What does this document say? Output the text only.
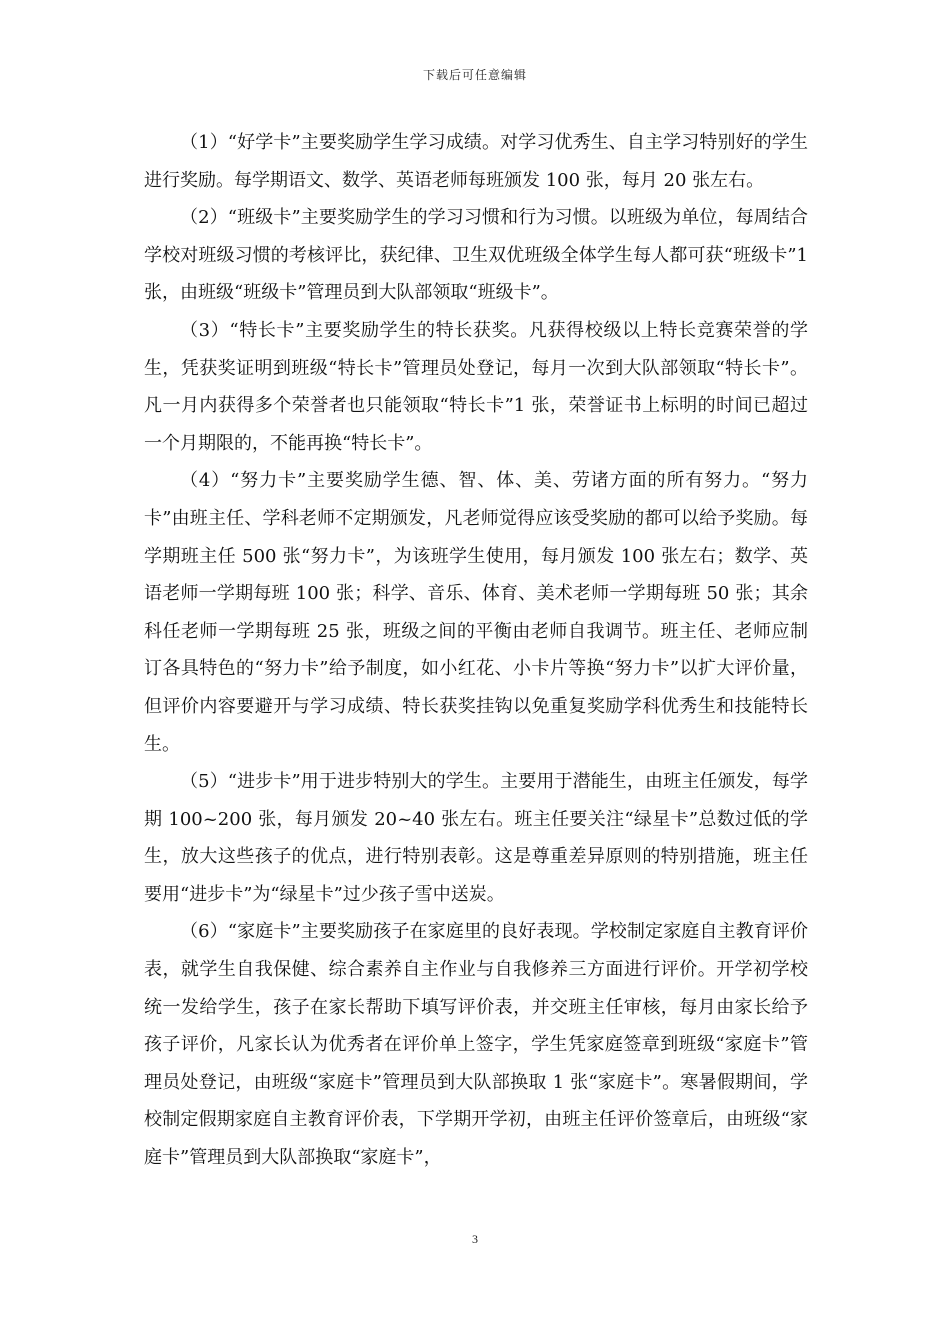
下载后可任意编辑

（1）“好学卡”主要奖励学生学习成绩。对学习优秀生、自主学习特别好的学生进行奖励。每学期语文、数学、英语老师每班颁发 100 张，每月 20 张左右。

（2）“班级卡”主要奖励学生的学习习惯和行为习惯。以班级为单位，每周结合学校对班级习惯的考核评比，获纪律、卫生双优班级全体学生每人都可获“班级卡”1 张，由班级“班级卡”管理员到大队部领取“班级卡”。

（3）“特长卡”主要奖励学生的特长获奖。凡获得校级以上特长竞赛荣誉的学生，凭获奖证明到班级“特长卡”管理员处登记，每月一次到大队部领取“特长卡”。凡一月内获得多个荣誉者也只能领取“特长卡”1 张，荣誉证书上标明的时间已超过一个月期限的，不能再换“特长卡”。

（4）“努力卡”主要奖励学生德、智、体、美、劳诸方面的所有努力。“努力卡”由班主任、学科老师不定期颁发，凡老师觉得应该受奖励的都可以给予奖励。每学期班主任 500 张“努力卡”，为该班学生使用，每月颁发 100 张左右；数学、英语老师一学期每班 100 张；科学、音乐、体育、美术老师一学期每班 50 张；其余科任老师一学期每班 25 张，班级之间的平衡由老师自我调节。班主任、老师应制订各具特色的“努力卡”给予制度，如小红花、小卡片等换“努力卡”以扩大评价量，但评价内容要避开与学习成绩、特长获奖挂钩以免重复奖励学科优秀生和技能特长生。

（5）“进步卡”用于进步特别大的学生。主要用于潜能生，由班主任颁发，每学期 100~200 张，每月颁发 20~40 张左右。班主任要关注“绿星卡”总数过低的学生，放大这些孩子的优点，进行特别表彰。这是尊重差异原则的特别措施，班主任要用“进步卡”为“绿星卡”过少孩子雪中送炭。

（6）“家庭卡”主要奖励孩子在家庭里的良好表现。学校制定家庭自主教育评价表，就学生自我保健、综合素养自主作业与自我修养三方面进行评价。开学初学校统一发给学生，孩子在家长帮助下填写评价表，并交班主任审核，每月由家长给予孩子评价，凡家长认为优秀者在评价单上签字，学生凭家庭签章到班级“家庭卡”管理员处登记，由班级“家庭卡”管理员到大队部换取 1 张“家庭卡”。寒暑假期间，学校制定假期家庭自主教育评价表，下学期开学初，由班主任评价签章后，由班级“家庭卡”管理员到大队部换取“家庭卡”，

3
